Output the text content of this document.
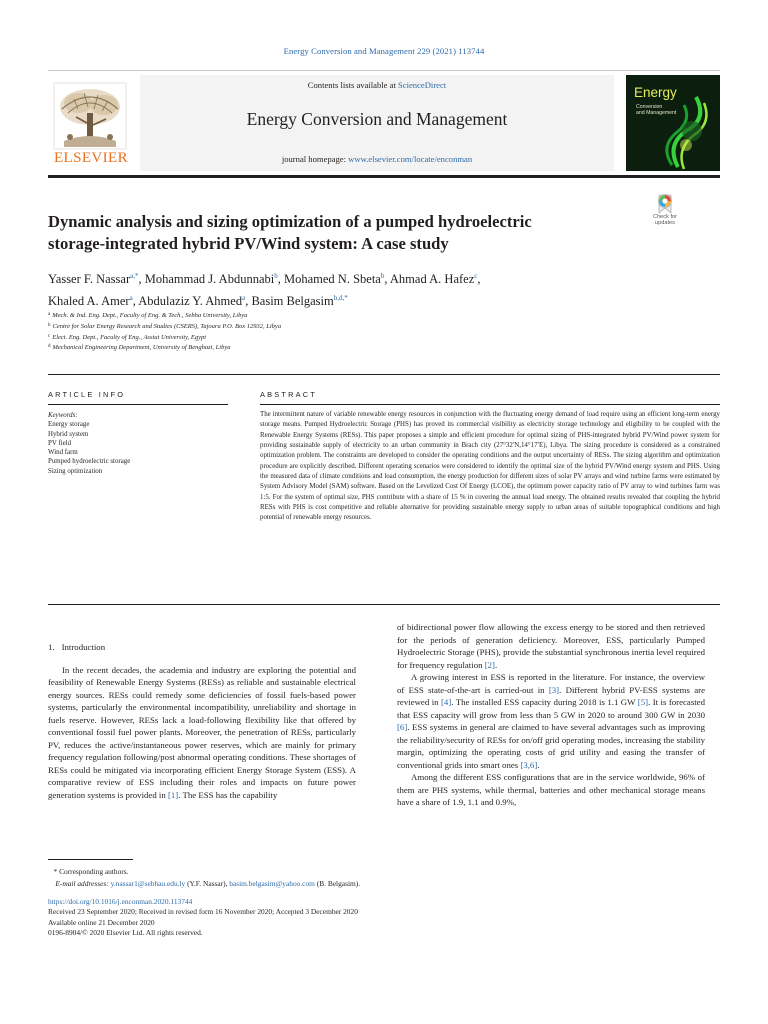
Energy Conversion and Management 229 (2021) 113744
ELSEVIER
Contents lists available at ScienceDirect
Energy Conversion and Management
journal homepage: www.elsevier.com/locate/enconman
Energy
Conversion
and Management
Dynamic analysis and sizing optimization of a pumped hydroelectric
storage-integrated hybrid PV/Wind system: A case study
Check for
updates
Yasser F. Nassar$^{a,*}$, Mohammad J. Abdunnabi$^b$, Mohamed N. Sbeta$^b$, Ahmad A. Hafez$^c$,
Khaled A. Amer$^a$, Abdulaziz Y. Ahmed$^a$, Basim Belgasim$^{b,d,*}$
$^a$ Mech. & Ind. Eng. Dept., Faculty of Eng. & Tech., Sebha University, Libya
$^b$ Centre for Solar Energy Research and Studies (CSERS), Tajoura P.O. Box 12932, Libya
$^c$ Elect. Eng. Dept., Faculty of Eng., Assiut University, Egypt
$^d$ Mechanical Engineering Department, University of Benghazi, Libya
ARTICLE INFO	ABSTRACT
Keywords:
Energy storage
Hybrid system
PV field
Wind farm
Pumped hydroelectric storage
Sizing optimization
The intermittent nature of variable renewable energy resources in conjunction with the fluctuating energy demand of load require using an efficient long-term energy storage means. Pumped Hydroelectric Storage (PHS) has proved its commercial visibility as electricity storage technology and eligibility to be coupled with the Renewable Energy Systems (RESs). This paper proposes a simple and efficient procedure for optimal sizing of PHS-integrated hybrid PV/Wind power system for providing sustainable supply of electricity to an urban community in Brach city (27°32′N,14°17′E), Libya. The sizing procedure is considered as a constrained optimization problem. The constraints are developed to consider the operating conditions and the output uncertainty of RESs. The sizing algorithm and optimization procedure are explicitly described. Different operating scenarios were considered to identify the optimal size of the hybrid PV/Wind energy system and PHS. Using the measured data of climate conditions and load consumption, the energy production for different sizes of solar PV arrays and wind turbine farms were estimated by System Advisory Model (SAM) software. Based on the Levelized Cost Of Energy (LCOE), the optimum power capacity ratio of PV array to wind turbines farm was 1:5. For the system of optimal size, PHS contribute with a share of 15 % in covering the annual load energy. The obtained results revealed that coupling the hybrid RESs with PHS is cost competitive and reliable alternative for providing sustainable energy supply to urban areas of suitable topographical conditions and high potential of renewable energy resources.
1. Introduction

In the recent decades, the academia and industry are exploring the potential and feasibility of Renewable Energy Systems (RESs) as reliable and sustainable electrical energy sources. RESs could remedy some deficiencies of fossil fuels-based power systems, particularly the environmental incompatibility, unreliability and shortage in fuels reserve. However, RESs lack a load-following flexibility like that offered by conventional fossil fuel power plants. Moreover, the penetration of RESs, particularly PV, reduces the active/instantaneous power reserves, which are mainly for primary frequency regulation following/post abnormal operating conditions. These shortages of RESs could be mitigated via incorporating efficient Energy Storage System (ESS). A comparative review of ESS including their roles and impacts on future power generation systems is provided in [1]. The ESS has the capability

of bidirectional power flow allowing the excess energy to be stored and then retrieved for the periods of generation deficiency. Moreover, ESS, particularly Pumped Hydroelectric Storage (PHS), provide the substantial synchronous inertia level required for frequency regulation [2].

A growing interest in ESS is reported in the literature. For instance, the overview of ESS state-of-the-art is carried-out in [3]. Different hybrid PV-ESS systems are reviewed in [4]. The installed ESS capacity during 2018 is 1.1 GW [5]. It is forecasted that ESS capacity will grow from less than 5 GW in 2020 to around 300 GW in 2030 [6]. ESS systems in general are claimed to have several advantages such as improving the reliability/security of RESs for on/off grid operating modes, increasing the stability margin, optimizing the operating costs of grid utility and easing the transfer of conventional grids into smart ones [3,6].

Among the different ESS configurations that are in the service worldwide, 96% of them are PHS systems, while thermal, batteries and other mechanical storage means have a share of 1.9, 1.1 and 0.9%,

* Corresponding authors.
E-mail addresses: y.nassar1@sebhau.edu.ly (Y.F. Nassar), basim.belgasim@yahoo.com (B. Belgasim).
https://doi.org/10.1016/j.enconman.2020.113744
Received 23 September 2020; Received in revised form 16 November 2020; Accepted 3 December 2020
Available online 21 December 2020
0196-8904/© 2020 Elsevier Ltd. All rights reserved.
